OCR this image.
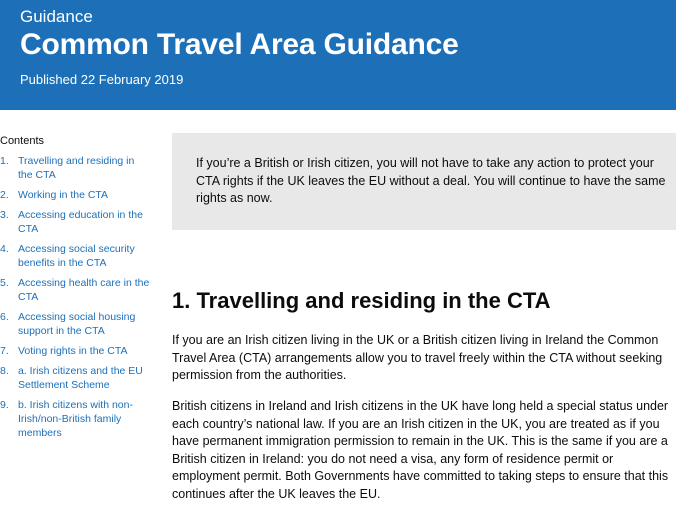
Guidance
Common Travel Area Guidance
Published 22 February 2019
Contents
1. Travelling and residing in the CTA
2. Working in the CTA
3. Accessing education in the CTA
4. Accessing social security benefits in the CTA
5. Accessing health care in the CTA
6. Accessing social housing support in the CTA
7. Voting rights in the CTA
8. a. Irish citizens and the EU Settlement Scheme
9. b. Irish citizens with non-Irish/non-British family members

If you’re a British or Irish citizen, you will not have to take any action to protect your CTA rights if the UK leaves the EU without a deal. You will continue to have the same rights as now.

1. Travelling and residing in the CTA

If you are an Irish citizen living in the UK or a British citizen living in Ireland the Common Travel Area (CTA) arrangements allow you to travel freely within the CTA without seeking permission from the authorities.

British citizens in Ireland and Irish citizens in the UK have long held a special status under each country’s national law. If you are an Irish citizen in the UK, you are treated as if you have permanent immigration permission to remain in the UK. This is the same if you are a British citizen in Ireland: you do not need a visa, any form of residence permit or employment permit. Both Governments have committed to taking steps to ensure that this continues after the UK leaves the EU.
